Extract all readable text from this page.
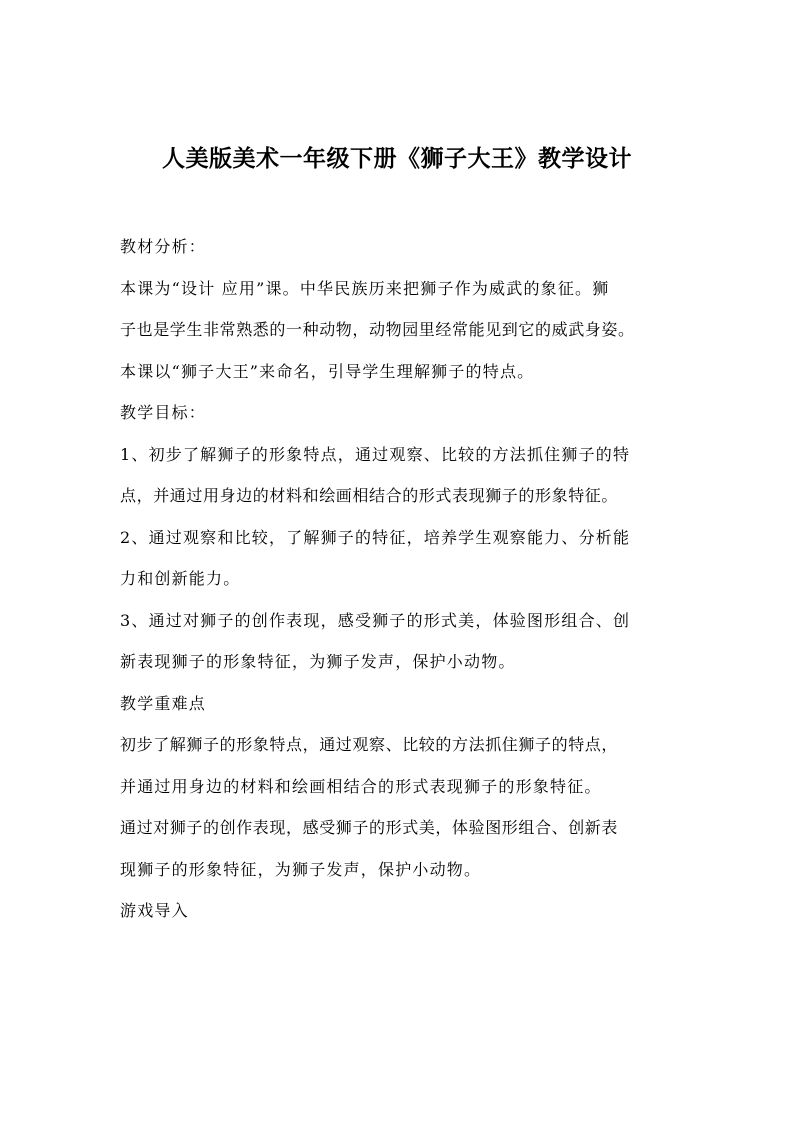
人美版美术一年级下册《狮子大王》教学设计
教材分析：
本课为“设计 应用”课。中华民族历来把狮子作为威武的象征。狮
子也是学生非常熟悉的一种动物，动物园里经常能见到它的威武身姿。
本课以“狮子大王”来命名，引导学生理解狮子的特点。
教学目标：
1、初步了解狮子的形象特点，通过观察、比较的方法抓住狮子的特
点，并通过用身边的材料和绘画相结合的形式表现狮子的形象特征。
2、通过观察和比较，了解狮子的特征，培养学生观察能力、分析能
力和创新能力。
3、通过对狮子的创作表现，感受狮子的形式美，体验图形组合、创
新表现狮子的形象特征，为狮子发声，保护小动物。
教学重难点
初步了解狮子的形象特点，通过观察、比较的方法抓住狮子的特点，
并通过用身边的材料和绘画相结合的形式表现狮子的形象特征。
通过对狮子的创作表现，感受狮子的形式美，体验图形组合、创新表
现狮子的形象特征，为狮子发声，保护小动物。
游戏导入
